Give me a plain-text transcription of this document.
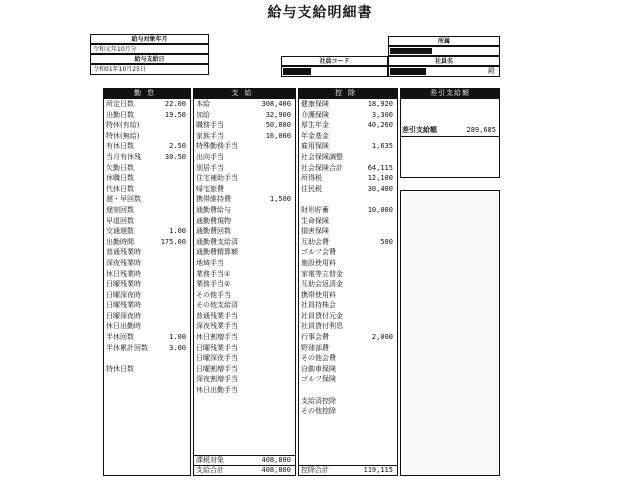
給与支給明細書
給与対象年月
令和元年10月分
給与支給日
令和01年10月25日
所属
社員コード	社員名
殿
勤怠	支給	控除	差引支給額
所定日数	22.00
出勤日数	19.50
特休(有給)
特休(無給)
有休日数	2.50
当月有休残	30.50
欠勤日数
休職日数
代休日数
遅・早回数
遅刻回数
早退回数
交通遅散	1.00
出勤時間	175.00
普通残業時
深夜残業時
休日残業時
日曜残業時
日曜深夜時
日曜残業時
日曜深夜時
休日出勤時
半休回数	1.00
半休累計回数	3.00
特休日数
本給	308,400
加給	32,900
職務手当	50,000
家族手当	16,000
特殊勤務手当
出向手当
別居手当
住宅補助手当
帰宅旅費
携帯維持費	1,500
通勤費給与
通勤費現物
通勤費回数
通勤費支給済
通勤費精算額
地域手当
業務手当①
業務手当②
その他手当
その他支給済
普通残業手当
深夜残業手当
休日割増手当
日曜残業手当
日曜深夜手当
日曜割増手当
深夜割増手当
休日出勤手当
課税対象	408,800
支給合計	408,800
健康保険	18,920
介護保険	3,300
厚生年金	40,260
年金基金
雇用保険	1,635
社会保険調整
社会保険合計	64,115
所得税	12,100
住民税	30,400
財形貯蓄	10,000
生命保険
損害保険
互助会費	500
ゴルフ会費
施設使用料
家電等立替金
互助会返済金
携帯使用料
社員持株会
社員貸付元金
社員貸付利息
行事会費	2,000
野球部費
その他会費
自動車保険
ゴルフ保険
支給済控除
その他控除
控除合計	119,115
差引支給額	289,685
